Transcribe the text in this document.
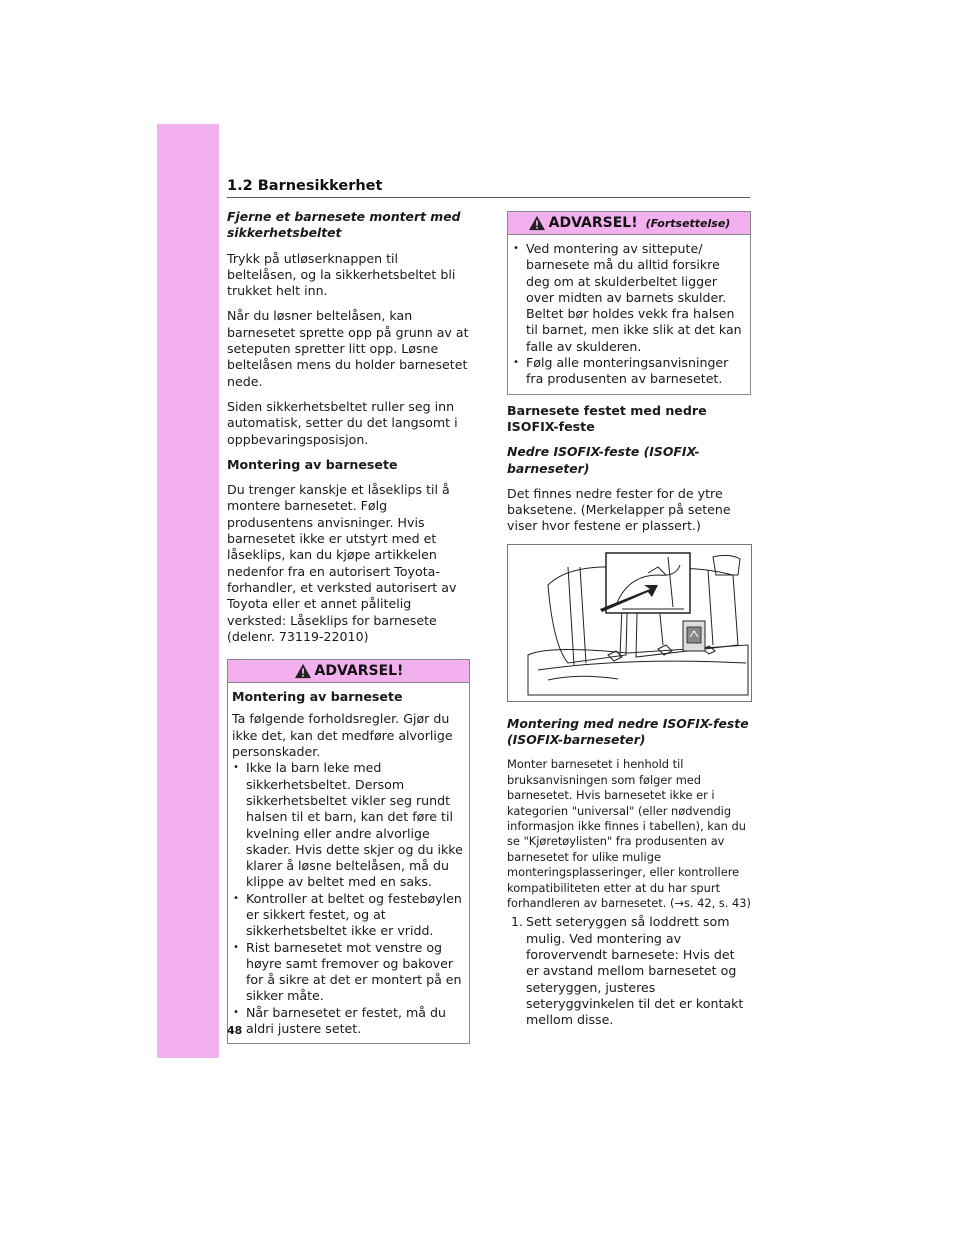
1.2 Barnesikkerhet
Fjerne et barnesete montert med sikkerhetsbeltet

Trykk på utløserknappen til beltelåsen, og la sikkerhetsbeltet bli trukket helt inn.

Når du løsner beltelåsen, kan barnesetet sprette opp på grunn av at seteputen spretter litt opp. Løsne beltelåsen mens du holder barnesetet nede.

Siden sikkerhetsbeltet ruller seg inn automatisk, setter du det langsomt i oppbevaringsposisjon.

Montering av barnesete

Du trenger kanskje et låseklips til å montere barnesetet. Følg produsentens anvisninger. Hvis barnesetet ikke er utstyrt med et låseklips, kan du kjøpe artikkelen nedenfor fra en autorisert Toyota-forhandler, et verksted autorisert av Toyota eller et annet pålitelig verksted: Låseklips for barnesete (delenr. 73119-22010)

ADVARSEL!
Montering av barnesete

Ta følgende forholdsregler. Gjør du ikke det, kan det medføre alvorlige personskader.

• Ikke la barn leke med sikkerhetsbeltet. Dersom sikkerhetsbeltet vikler seg rundt halsen til et barn, kan det føre til kvelning eller andre alvorlige skader. Hvis dette skjer og du ikke klarer å løsne beltelåsen, må du klippe av beltet med en saks.
• Kontroller at beltet og festebøylen er sikkert festet, og at sikkerhetsbeltet ikke er vridd.
• Rist barnesetet mot venstre og høyre samt fremover og bakover for å sikre at det er montert på en sikker måte.
• Når barnesetet er festet, må du aldri justere setet.
ADVARSEL! (Fortsettelse)
• Ved montering av sittepute/ barnesete må du alltid forsikre deg om at skulderbeltet ligger over midten av barnets skulder. Beltet bør holdes vekk fra halsen til barnet, men ikke slik at det kan falle av skulderen.
• Følg alle monteringsanvisninger fra produsenten av barnesetet.
Barnesete festet med nedre ISOFIX-feste
Nedre ISOFIX-feste (ISOFIX-barneseter)

Det finnes nedre fester for de ytre baksetene. (Merkelapper på setene viser hvor festene er plassert.)

Montering med nedre ISOFIX-feste (ISOFIX-barneseter)

Monter barnesetet i henhold til bruksanvisningen som følger med barnesetet. Hvis barnesetet ikke er i kategorien "universal" (eller nødvendig informasjon ikke finnes i tabellen), kan du se "Kjøretøylisten" fra produsenten av barnesetet for ulike mulige monteringsplasseringer, eller kontrollere kompatibiliteten etter at du har spurt forhandleren av barnesetet. (→s. 42, s. 43)

1. Sett seteryggen så loddrett som mulig. Ved montering av forovervendt barnesete: Hvis det er avstand mellom barnesetet og seteryggen, justeres seteryggvinkelen til det er kontakt mellom disse.
48
